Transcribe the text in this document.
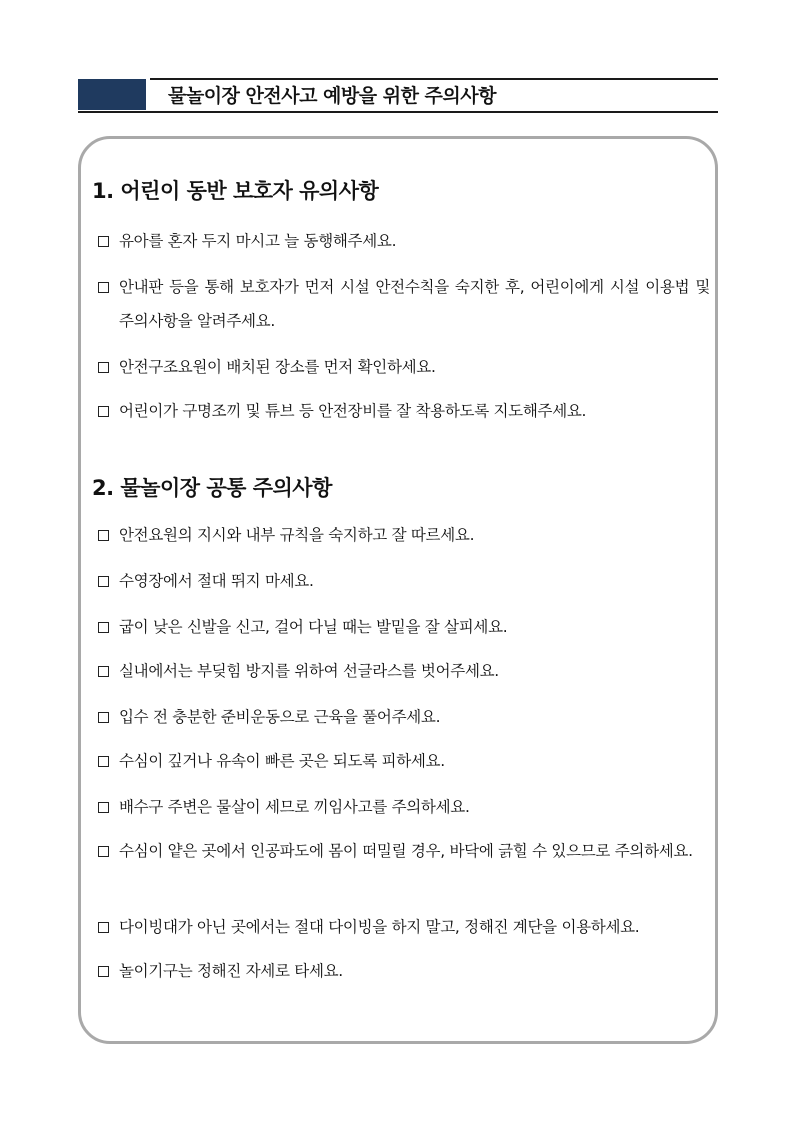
물놀이장 안전사고 예방을 위한 주의사항
1. 어린이 동반 보호자 유의사항
유아를 혼자 두지 마시고 늘 동행해주세요.
안내판 등을 통해 보호자가 먼저 시설 안전수칙을 숙지한 후, 어린이에게 시설 이용법 및 주의사항을 알려주세요.
안전구조요원이 배치된 장소를 먼저 확인하세요.
어린이가 구명조끼 및 튜브 등 안전장비를 잘 착용하도록 지도해주세요.
2. 물놀이장 공통 주의사항
안전요원의 지시와 내부 규칙을 숙지하고 잘 따르세요.
수영장에서 절대 뛰지 마세요.
굽이 낮은 신발을 신고, 걸어 다닐 때는 발밑을 잘 살피세요.
실내에서는 부딪힘 방지를 위하여 선글라스를 벗어주세요.
입수 전 충분한 준비운동으로 근육을 풀어주세요.
수심이 깊거나 유속이 빠른 곳은 되도록 피하세요.
배수구 주변은 물살이 세므로 끼임사고를 주의하세요.
수심이 얕은 곳에서 인공파도에 몸이 떠밀릴 경우, 바닥에 긁힐 수 있으므로 주의하세요.
다이빙대가 아닌 곳에서는 절대 다이빙을 하지 말고, 정해진 계단을 이용하세요.
놀이기구는 정해진 자세로 타세요.
